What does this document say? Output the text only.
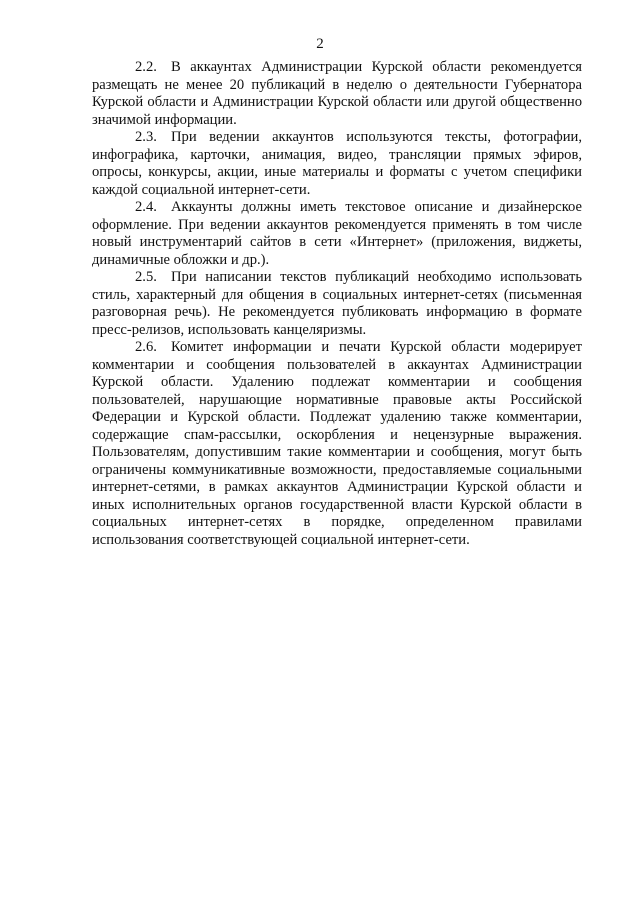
2

2.2. В аккаунтах Администрации Курской области рекомендуется размещать не менее 20 публикаций в неделю о деятельности Губернатора Курской области и Администрации Курской области или другой общественно значимой информации.

2.3. При ведении аккаунтов используются тексты, фотографии, инфографика, карточки, анимация, видео, трансляции прямых эфиров, опросы, конкурсы, акции, иные материалы и форматы с учетом специфики каждой социальной интернет-сети.

2.4. Аккаунты должны иметь текстовое описание и дизайнерское оформление. При ведении аккаунтов рекомендуется применять в том числе новый инструментарий сайтов в сети «Интернет» (приложения, виджеты, динамичные обложки и др.).

2.5. При написании текстов публикаций необходимо использовать стиль, характерный для общения в социальных интернет-сетях (письменная разговорная речь). Не рекомендуется публиковать информацию в формате пресс-релизов, использовать канцеляризмы.

2.6. Комитет информации и печати Курской области модерирует комментарии и сообщения пользователей в аккаунтах Администрации Курской области. Удалению подлежат комментарии и сообщения пользователей, нарушающие нормативные правовые акты Российской Федерации и Курской области. Подлежат удалению также комментарии, содержащие спам-рассылки, оскорбления и нецензурные выражения. Пользователям, допустившим такие комментарии и сообщения, могут быть ограничены коммуникативные возможности, предоставляемые социальными интернет-сетями, в рамках аккаунтов Администрации Курской области и иных исполнительных органов государственной власти Курской области в социальных интернет-сетях в порядке, определенном правилами использования соответствующей социальной интернет-сети.
